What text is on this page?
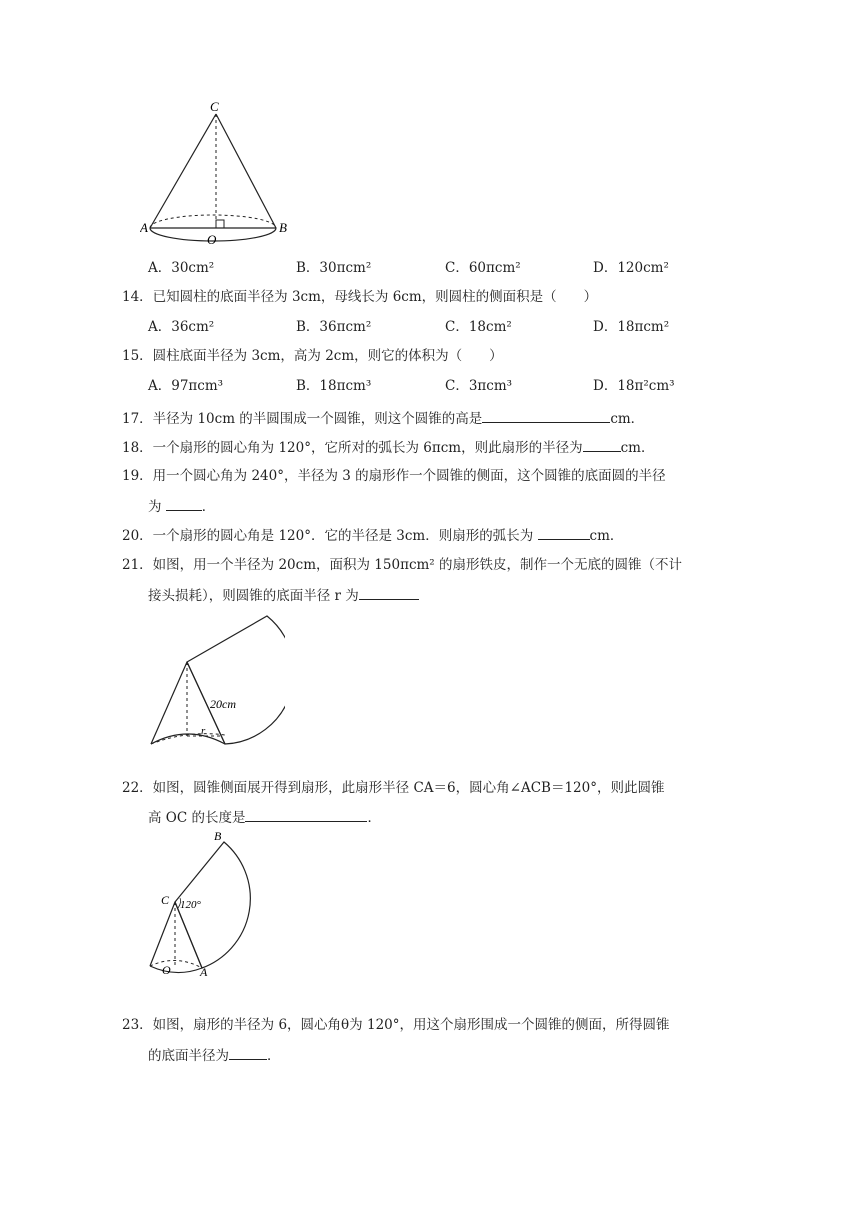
C
A	B
O
A．30cm²	B．30πcm²	C．60πcm²	D．120cm²
14．已知圆柱的底面半径为 3cm，母线长为 6cm，则圆柱的侧面积是（　　）
A．36cm²	B．36πcm²	C．18cm²	D．18πcm²
15．圆柱底面半径为 3cm，高为 2cm，则它的体积为（　　）
A．97πcm³	B．18πcm³	C．3πcm³	D．18π²cm³
17．半径为 10cm 的半圆围成一个圆锥，则这个圆锥的高是	cm．
18．一个扇形的圆心角为 120°，它所对的弧长为 6πcm，则此扇形的半径为	cm．
19．用一个圆心角为 240°，半径为 3 的扇形作一个圆锥的侧面，这个圆锥的底面圆的半径
为	．
20．一个扇形的圆心角是 120°．它的半径是 3cm．则扇形的弧长为	cm．
21．如图，用一个半径为 20cm，面积为 150πcm² 的扇形铁皮，制作一个无底的圆锥（不计
接头损耗），则圆锥的底面半径 r 为
20cm
r
22．如图，圆锥侧面展开得到扇形，此扇形半径 CA＝6，圆心角∠ACB＝120°，则此圆锥
高 OC 的长度是	．
B
C 120°
O A
23．如图，扇形的半径为 6，圆心角θ为 120°，用这个扇形围成一个圆锥的侧面，所得圆锥
的底面半径为	．
